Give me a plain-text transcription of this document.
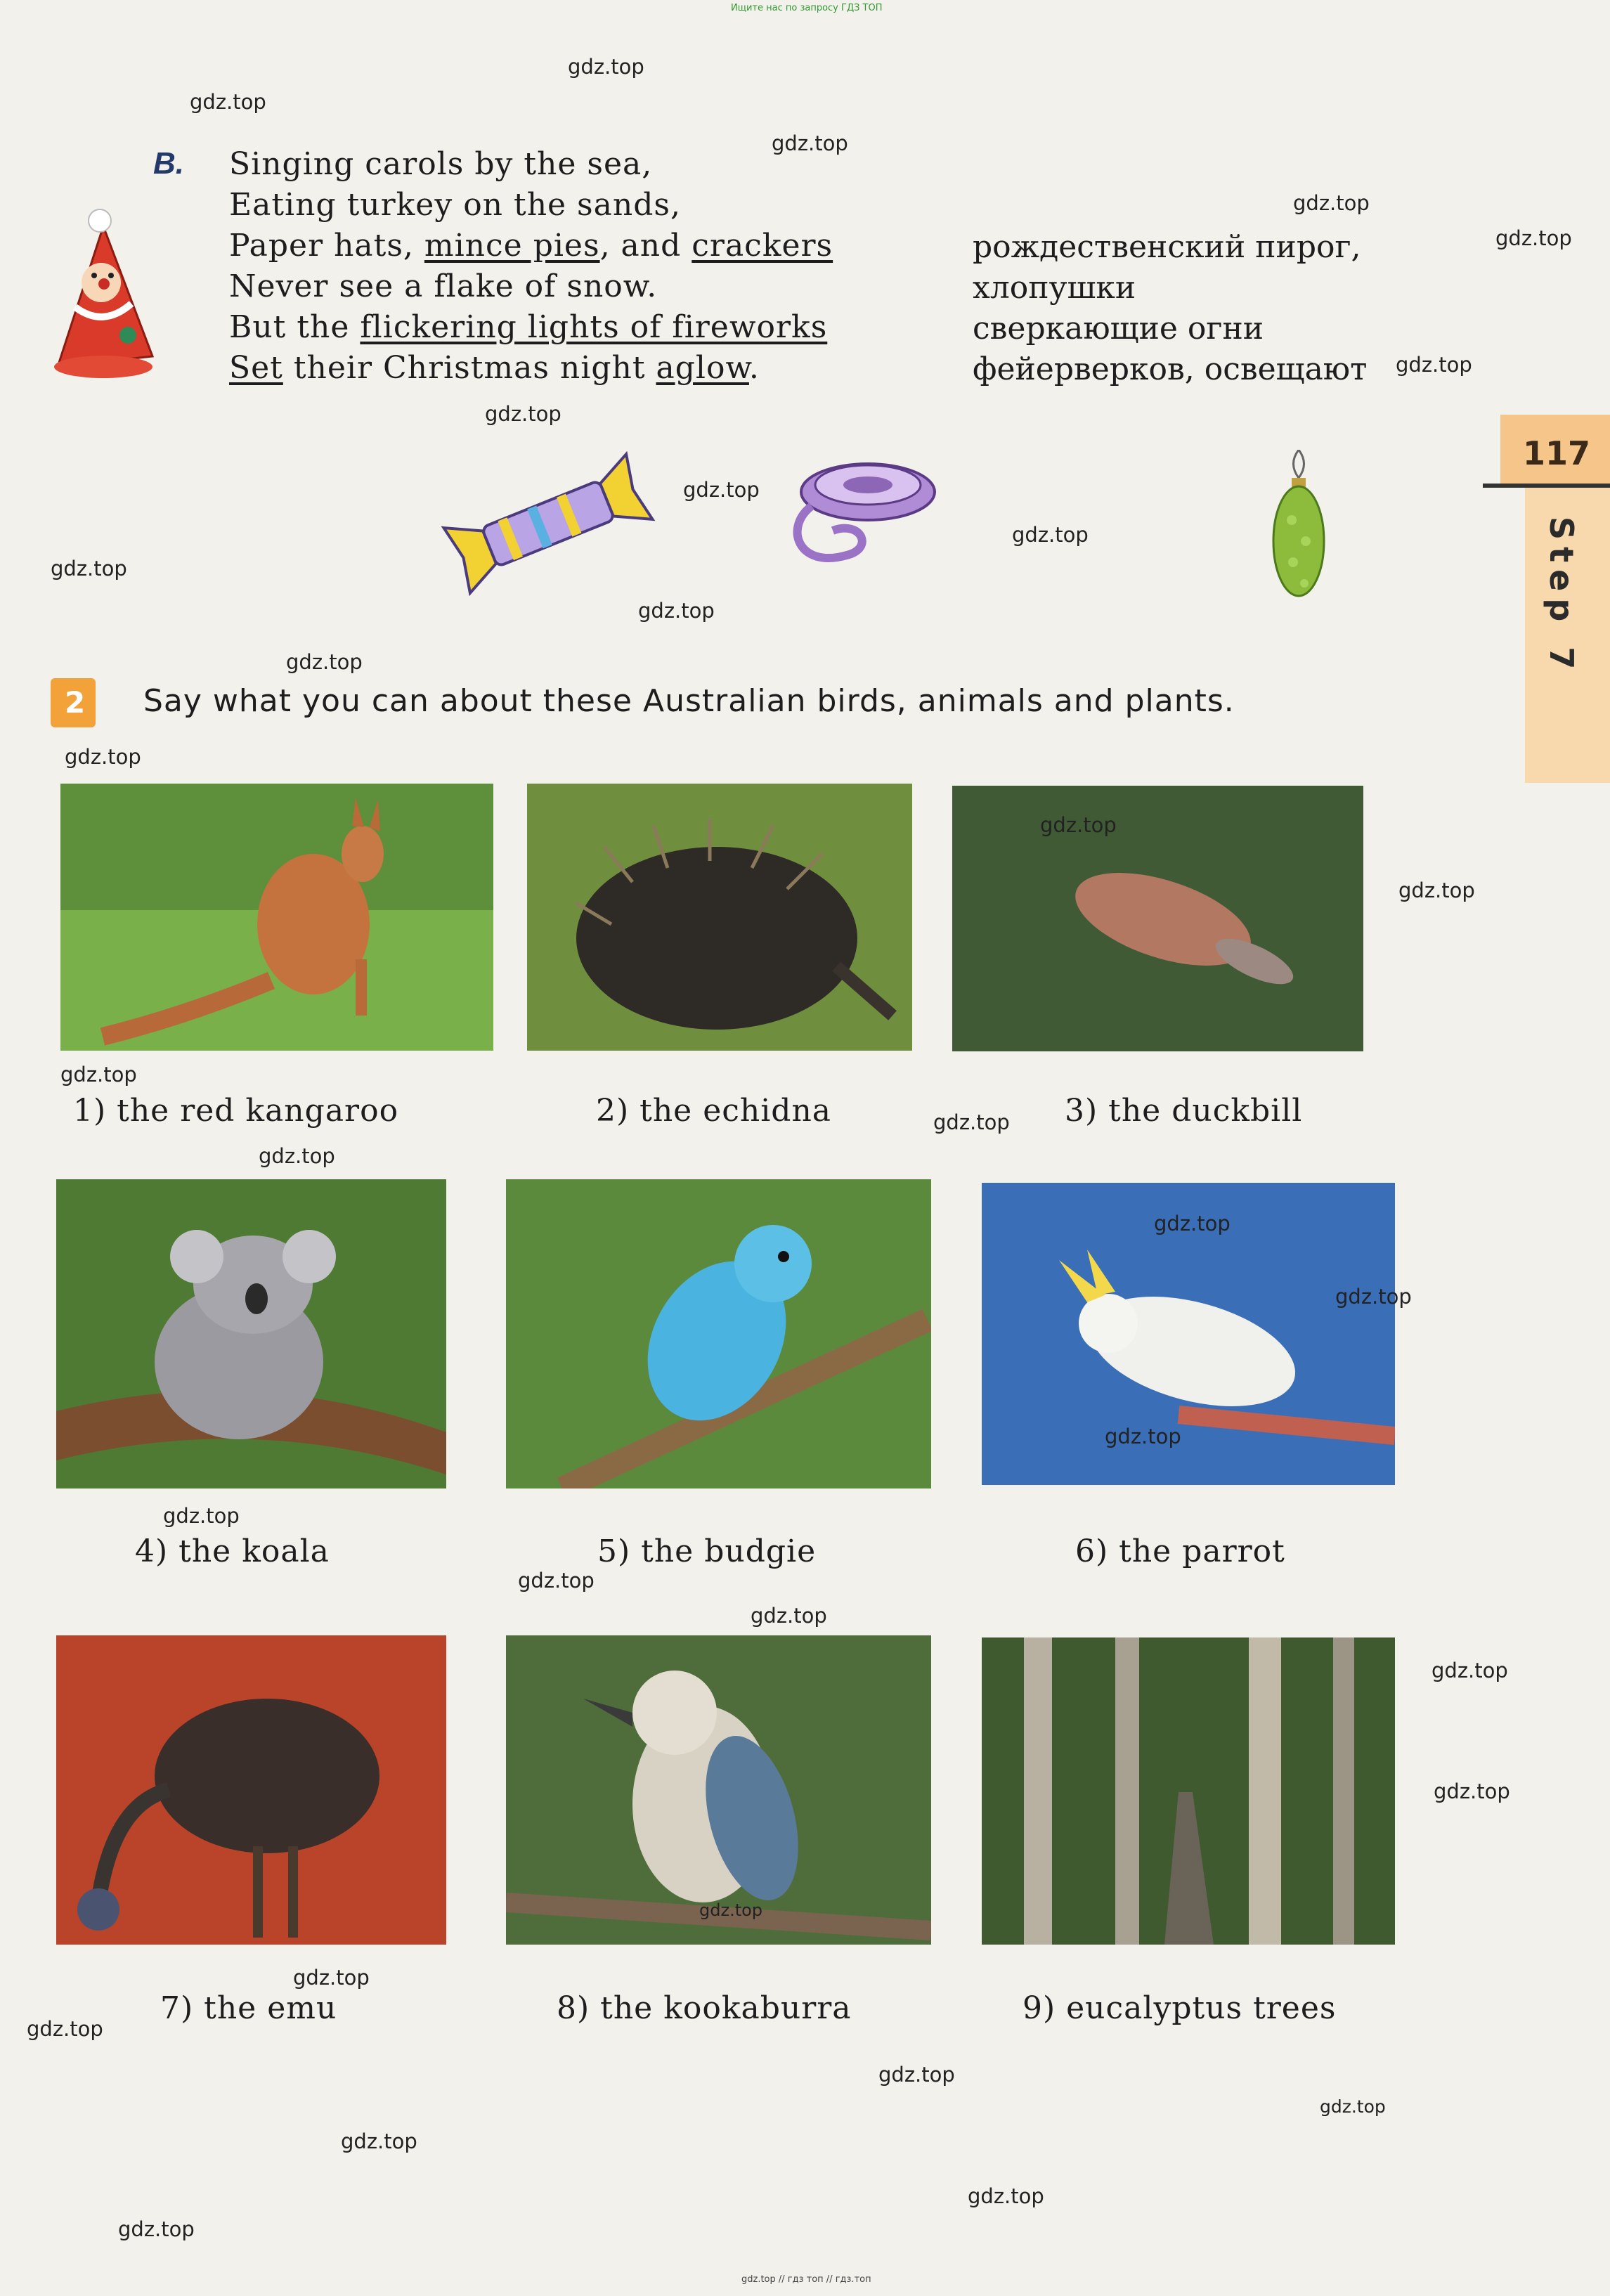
Ищите нас по запросу ГДЗ ТОП
B. Singing carols by the sea,
Eating turkey on the sands,
Paper hats, mince pies, and crackers
Never see a flake of snow.
But the flickering lights of fireworks
Set their Christmas night aglow.
рождественский пирог,
хлопушки
сверкающие огни
фейерверков, освещают
117
Step 7
2 Say what you can about these Australian birds, animals and plants.
1) the red kangaroo	2) the echidna	3) the duckbill
4) the koala	5) the budgie	6) the parrot
7) the emu	8) the kookaburra	9) eucalyptus trees
gdz.top
gdz.top
gdz.top
gdz.top
gdz.top
gdz.top
gdz.top
gdz.top
gdz.top
gdz.top
gdz.top
gdz.top
gdz.top
gdz.top
gdz.top
gdz.top
gdz.top
gdz.top
gdz.top
gdz.top
gdz.top
gdz.top
gdz.top
gdz.top
gdz.top
gdz.top
gdz.top
gdz.top
gdz.top
gdz.top
gdz.top
gdz.top
gdz.top
gdz.top
gdz.top // гдз топ // гдз.топ
